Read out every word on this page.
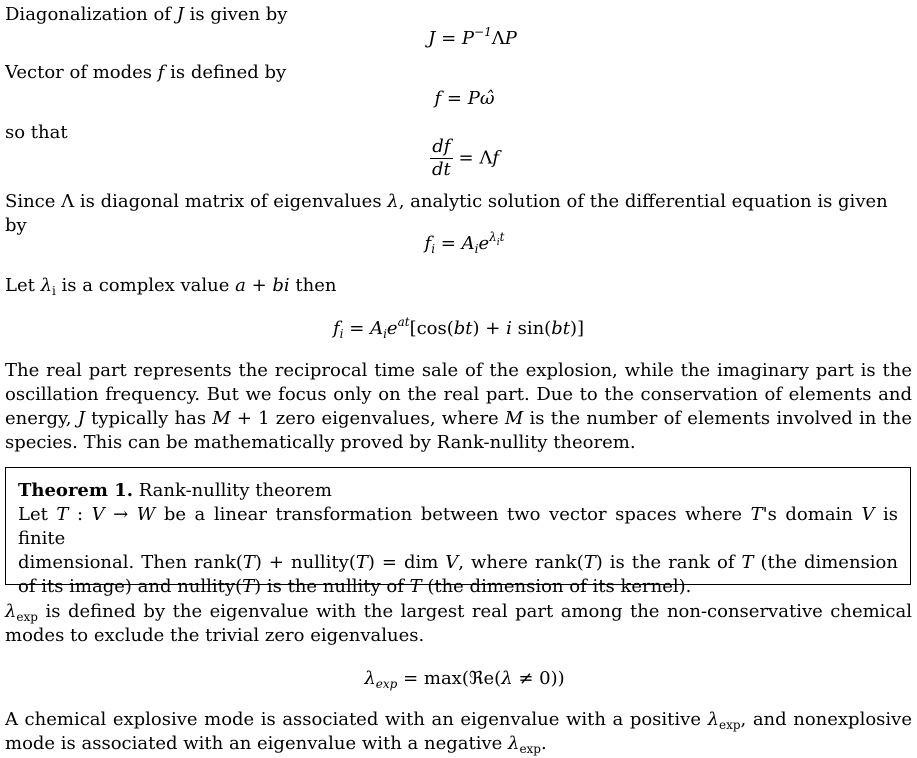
Diagonalization of J is given by
$J = P^{-1}\Lambda P$
Vector of modes f is defined by
f = Pω̂
so that
$\frac{df}{dt} = \Lambda f$
Since Λ is diagonal matrix of eigenvalues λ, analytic solution of the differential equation is given by
$f_i = A_ie^{\lambda_it}$
Let $\lambda_i$ is a complex value a + bi then
$f_i = A_ie^{at}[\cos(bt) + i$ sin(bt)]
The real part represents the reciprocal time sale of the explosion, while the imaginary part is the oscillation frequency. But we focus only on the real part. Due to the conservation of elements and energy, J typically has M + 1 zero eigenvalues, where M is the number of elements involved in the species. This can be mathematically proved by Rank-nullity theorem.
Theorem 1. Rank-nullity theorem
Let T : V → W be a linear transformation between two vector spaces where T's domain V is finite
dimensional. Then rank(T) + nullity(T) = dim V, where rank(T) is the rank of T (the dimension
of its image) and nullity(T) is the nullity of T (the dimension of its kernel).
$\lambda_{exp}$ is defined by the eigenvalue with the largest real part among the non-conservative chemical modes to exclude the trivial zero eigenvalues.
$\lambda_{exp}$ = max(ℜe(λ ≠ 0))
A chemical explosive mode is associated with an eigenvalue with a positive $\lambda_{exp}$, and nonexplosive mode is associated with an eigenvalue with a negative $\lambda_{exp}$.
